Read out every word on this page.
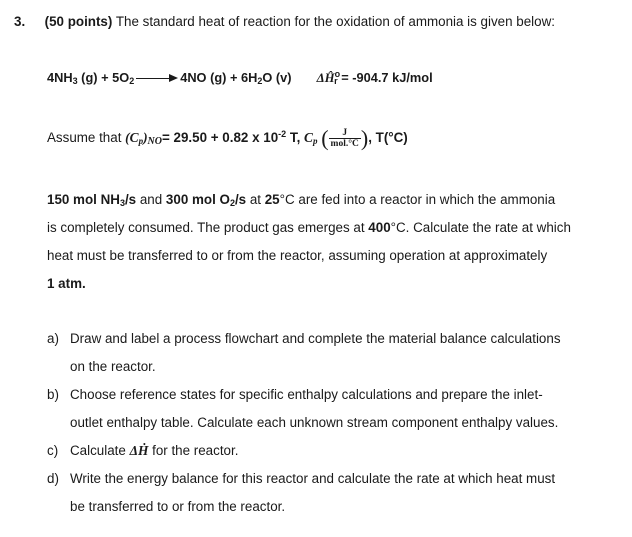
3. (50 points) The standard heat of reaction for the oxidation of ammonia is given below:
$4NH_3$ $(g) + 5O_2$	4NO $(g) + 6H_2O$ (v) $\Delta Ĥ^o_r = -904.7$ kJ/mol
Assume that $(C_p)_{NO}= 29.50 + 0.82$ x $10^{-2}$ T, $C_p$ ( $\frac{J}{\text{mol.°C}}$ ), T(°C)
150 mol $NH_3/s$ and 300 mol $O_2/s$ at 25°C are fed into a reactor in which the ammonia
is completely consumed. The product gas emerges at 400°C. Calculate the rate at which
heat must be transferred to or from the reactor, assuming operation at approximately
1 atm.
a) Draw and label a process flowchart and complete the material balance calculations
on the reactor.
b) Choose reference states for specific enthalpy calculations and prepare the inlet-
outlet enthalpy table. Calculate each unknown stream component enthalpy values.
c) Calculate ΔḢ for the reactor.
d) Write the energy balance for this reactor and calculate the rate at which heat must
be transferred to or from the reactor.
